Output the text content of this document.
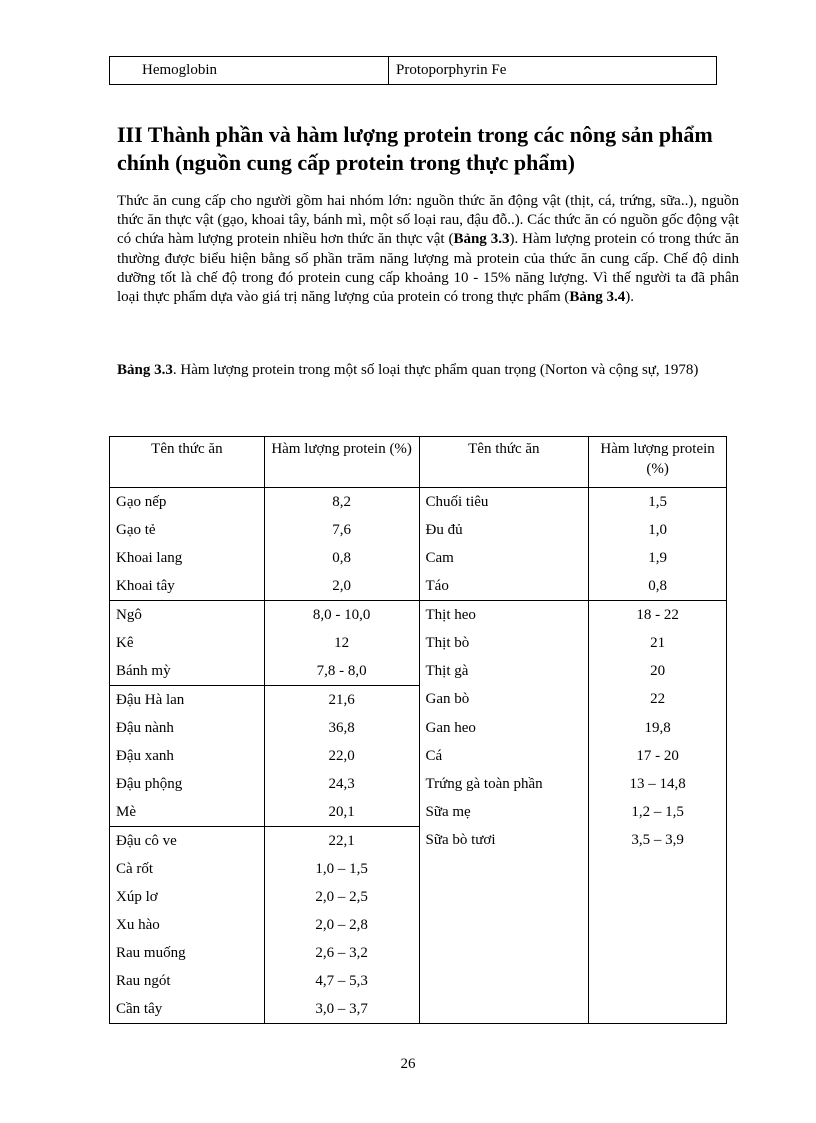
Hemoglobin	Protoporphyrin Fe
III Thành phần và hàm lượng protein trong các nông sản phẩm chính (nguồn cung cấp protein trong thực phẩm)

Thức ăn cung cấp cho người gồm hai nhóm lớn: nguồn thức ăn động vật (thịt, cá, trứng, sữa..), nguồn thức ăn thực vật (gạo, khoai tây, bánh mì, một số loại rau, đậu đỗ..). Các thức ăn có nguồn gốc động vật có chứa hàm lượng protein nhiều hơn thức ăn thực vật (Bảng 3.3). Hàm lượng protein có trong thức ăn thường được biểu hiện bằng số phần trăm năng lượng mà protein của thức ăn cung cấp. Chế độ dinh dưỡng tốt là chế độ trong đó protein cung cấp khoảng 10 - 15% năng lượng. Vì thế người ta đã phân loại thực phẩm dựa vào giá trị năng lượng của protein có trong thực phẩm (Bảng 3.4).

Bảng 3.3. Hàm lượng protein trong một số loại thực phẩm quan trọng (Norton và cộng sự, 1978)

Tên thức ăn	Hàm lượng protein (%)	Tên thức ăn	Hàm lượng protein (%)
Gạo nếp	8,2	Chuối tiêu	1,5
Gạo tẻ	7,6	Đu đủ	1,0
Khoai lang	0,8	Cam	1,9
Khoai tây	2,0	Táo	0,8
Ngô	8,0 - 10,0	Thịt heo	18 - 22
Kê	12	Thịt bò	21
Bánh mỳ	7,8 - 8,0	Thịt gà	20
Đậu Hà lan	21,6	Gan bò	22
Đậu nành	36,8	Gan heo	19,8
Đậu xanh	22,0	Cá	17 - 20
Đậu phộng	24,3	Trứng gà toàn phần	13 – 14,8
Mè	20,1	Sữa mẹ	1,2 – 1,5
Đậu cô ve	22,1	Sữa bò tươi	3,5 – 3,9
Cà rốt	1,0 – 1,5		
Xúp lơ	2,0 – 2,5		
Xu hào	2,0 – 2,8		
Rau muống	2,6 – 3,2		
Rau ngót	4,7 – 5,3		
Cần tây	3,0 – 3,7		
26
